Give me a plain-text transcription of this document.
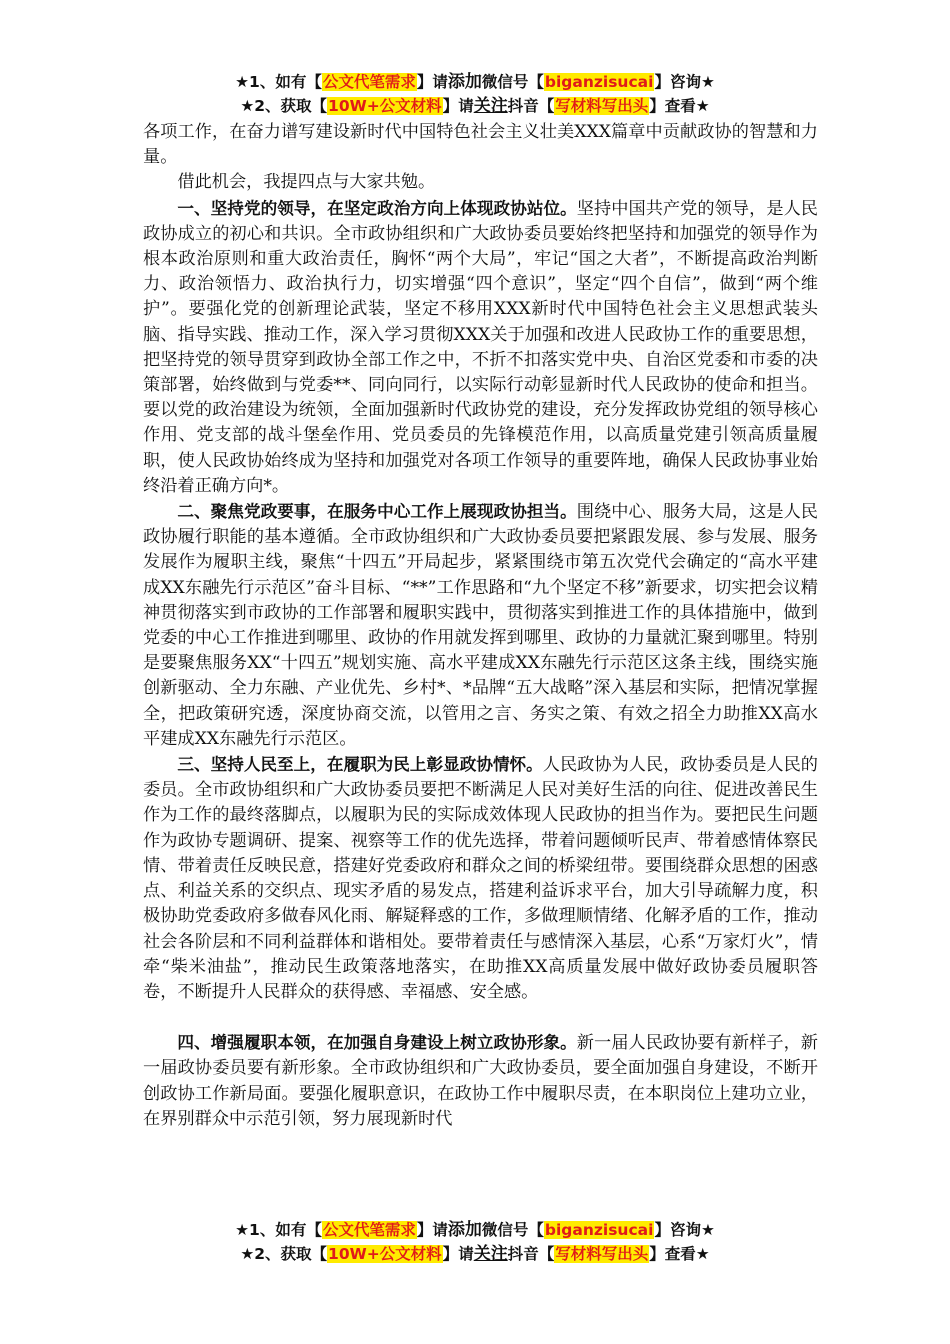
★1、如有【公文代笔需求】请添加微信号【biganzisucai】咨询★
★2、获取【10W+公文材料】请关注抖音【写材料写出头】查看★

各项工作，在奋力谱写建设新时代中国特色社会主义壮美XXX篇章中贡献政协的智慧和力量。

借此机会，我提四点与大家共勉。

一、坚持党的领导，在坚定政治方向上体现政协站位。坚持中国共产党的领导，是人民政协成立的初心和共识。全市政协组织和广大政协委员要始终把坚持和加强党的领导作为根本政治原则和重大政治责任，胸怀“两个大局”，牢记“国之大者”，不断提高政治判断力、政治领悟力、政治执行力，切实增强“四个意识”，坚定“四个自信”，做到“两个维护”。要强化党的创新理论武装，坚定不移用XXX新时代中国特色社会主义思想武装头脑、指导实践、推动工作，深入学习贯彻XXX关于加强和改进人民政协工作的重要思想，把坚持党的领导贯穿到政协全部工作之中，不折不扣落实党中央、自治区党委和市委的决策部署，始终做到与党委**、同向同行，以实际行动彰显新时代人民政协的使命和担当。要以党的政治建设为统领，全面加强新时代政协党的建设，充分发挥政协党组的领导核心作用、党支部的战斗堡垒作用、党员委员的先锋模范作用，以高质量党建引领高质量履职，使人民政协始终成为坚持和加强党对各项工作领导的重要阵地，确保人民政协事业始终沿着正确方向*。

二、聚焦党政要事，在服务中心工作上展现政协担当。围绕中心、服务大局，这是人民政协履行职能的基本遵循。全市政协组织和广大政协委员要把紧跟发展、参与发展、服务发展作为履职主线，聚焦“十四五”开局起步，紧紧围绕市第五次党代会确定的“高水平建成XX东融先行示范区”奋斗目标、“**”工作思路和“九个坚定不移”新要求，切实把会议精神贯彻落实到市政协的工作部署和履职实践中，贯彻落实到推进工作的具体措施中，做到党委的中心工作推进到哪里、政协的作用就发挥到哪里、政协的力量就汇聚到哪里。特别是要聚焦服务XX“十四五”规划实施、高水平建成XX东融先行示范区这条主线，围绕实施创新驱动、全力东融、产业优先、乡村*、*品牌“五大战略”深入基层和实际，把情况掌握全，把政策研究透，深度协商交流，以管用之言、务实之策、有效之招全力助推XX高水平建成XX东融先行示范区。

三、坚持人民至上，在履职为民上彰显政协情怀。人民政协为人民，政协委员是人民的委员。全市政协组织和广大政协委员要把不断满足人民对美好生活的向往、促进改善民生作为工作的最终落脚点，以履职为民的实际成效体现人民政协的担当作为。要把民生问题作为政协专题调研、提案、视察等工作的优先选择，带着问题倾听民声、带着感情体察民情、带着责任反映民意，搭建好党委政府和群众之间的桥梁纽带。要围绕群众思想的困惑点、利益关系的交织点、现实矛盾的易发点，搭建利益诉求平台，加大引导疏解力度，积极协助党委政府多做春风化雨、解疑释惑的工作，多做理顺情绪、化解矛盾的工作，推动社会各阶层和不同利益群体和谐相处。要带着责任与感情深入基层，心系“万家灯火”，情牵“柴米油盐”，推动民生政策落地落实，在助推XX高质量发展中做好政协委员履职答卷，不断提升人民群众的获得感、幸福感、安全感。

四、增强履职本领，在加强自身建设上树立政协形象。新一届人民政协要有新样子，新一届政协委员要有新形象。全市政协组织和广大政协委员，要全面加强自身建设，不断开创政协工作新局面。要强化履职意识，在政协工作中履职尽责，在本职岗位上建功立业，在界别群众中示范引领，努力展现新时代

★1、如有【公文代笔需求】请添加微信号【biganzisucai】咨询★
★2、获取【10W+公文材料】请关注抖音【写材料写出头】查看★
